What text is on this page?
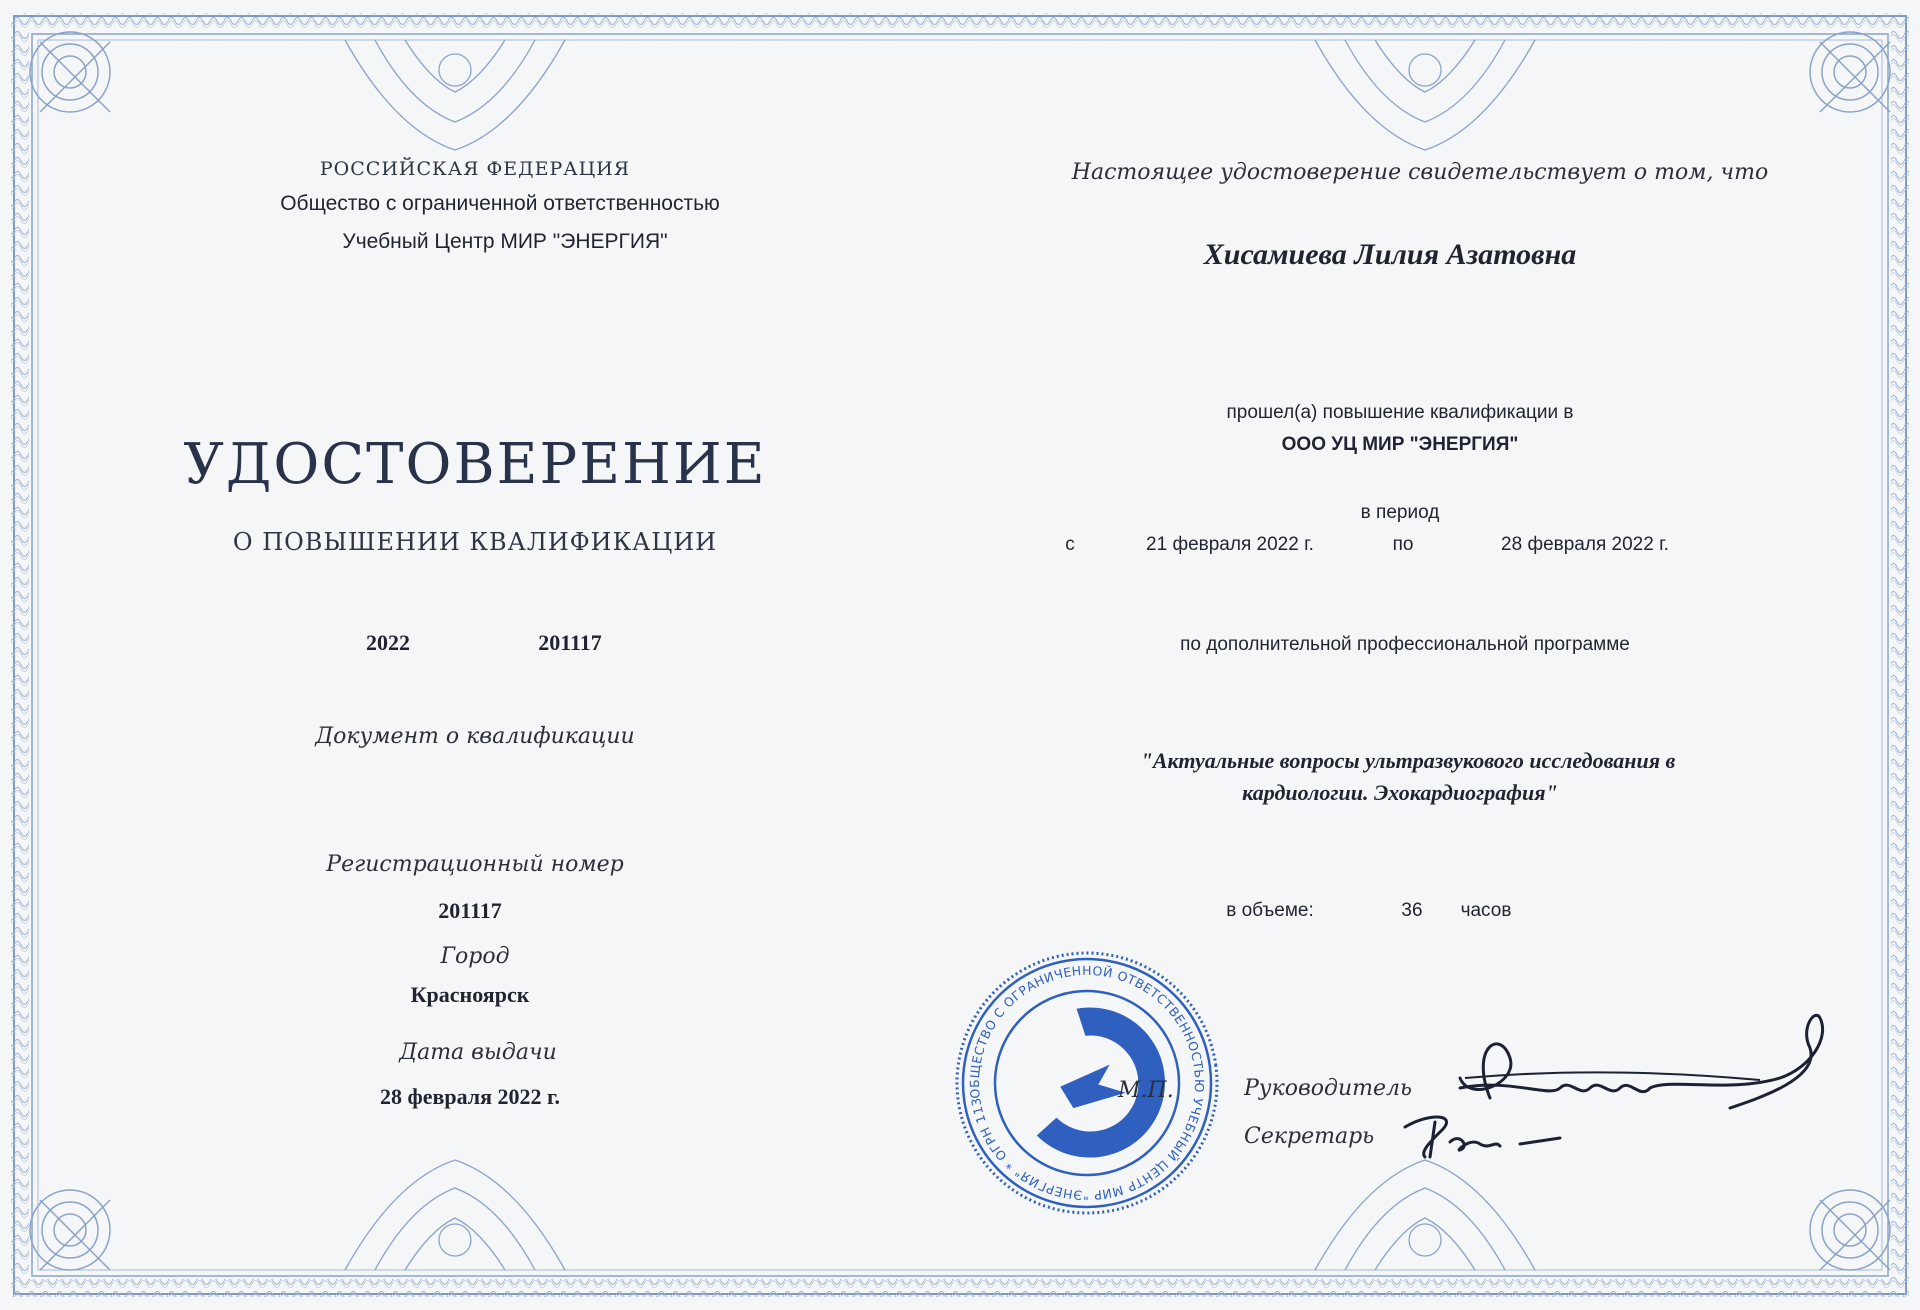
РОССИЙСКАЯ ФЕДЕРАЦИЯ
Общество с ограниченной ответственностью
Учебный Центр МИР "ЭНЕРГИЯ"
УДОСТОВЕРЕНИЕ
О ПОВЫШЕНИИ КВАЛИФИКАЦИИ
2022	201117
Документ о квалификации
Регистрационный номер
201117
Город
Красноярск
Дата выдачи
28 февраля 2022 г.
Настоящее удостоверение свидетельствует о том, что
Хисамиева Лилия Азатовна
прошел(а) повышение квалификации в
ООО УЦ МИР "ЭНЕРГИЯ"
в период
с	21 февраля 2022 г.	по	28 февраля 2022 г.
по дополнительной профессиональной программе
"Актуальные вопросы ультразвукового исследования в
кардиологии. Эхокардиография"
в объеме:	36 часов
ОБЩЕСТВО С ОГРАНИЧЕННОЙ ОТВЕТСТВЕННОСТЬЮ УЧЕБНЫЙ ЦЕНТР МИР "ЭНЕРГИЯ" * ОГРН 1132468035295
М.П.	Руководитель
Секретарь
